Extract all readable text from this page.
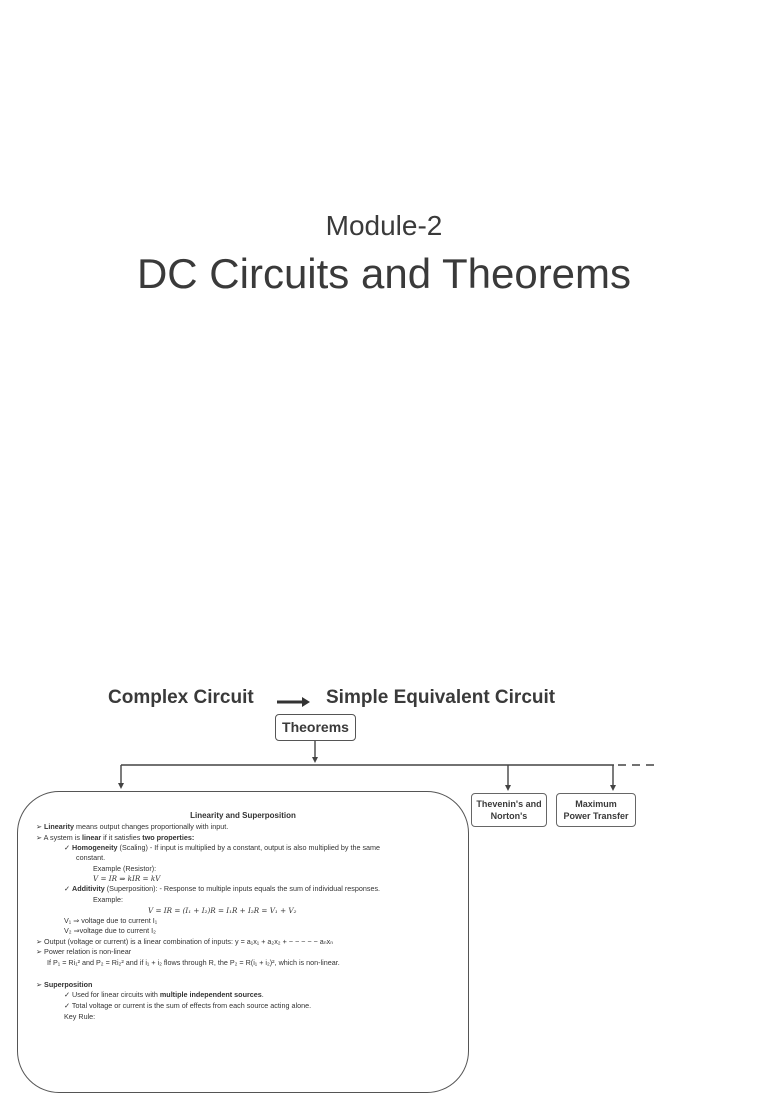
Module-2
DC Circuits and Theorems
Complex Circuit	Simple Equivalent Circuit
Theorems
Thevenin's and
Norton's
Maximum
Power Transfer
Linearity and Superposition
➢ Linearity means output changes proportionally with input.
➢ A system is linear if it satisfies two properties:
✓ Homogeneity (Scaling) - If input is multiplied by a constant, output is also multiplied by the same
constant.
Example (Resistor):
V = IR ⇒ kIR = kV
✓ Additivity (Superposition): - Response to multiple inputs equals the sum of individual responses.
Example:
V = IR = (I₁ + I₂)R = I₁R + I₂R = V₁ + V₂
V₁ ⇒ voltage due to current I₁
V₂ ⇒voltage due to current I₂
➢ Output (voltage or current) is a linear combination of inputs: y = a₁x₁ + a₂x₂ + − − − − − aₙxₙ
➢ Power relation is non-linear
If P₁ = Ri₁² and P₂ = Ri₂² and if i₁ + i₂ flows through R, the P₂ = R(i₁ + i₂)², which is non-linear.
➢ Superposition
✓ Used for linear circuits with multiple independent sources.
✓ Total voltage or current is the sum of effects from each source acting alone.
Key Rule:
